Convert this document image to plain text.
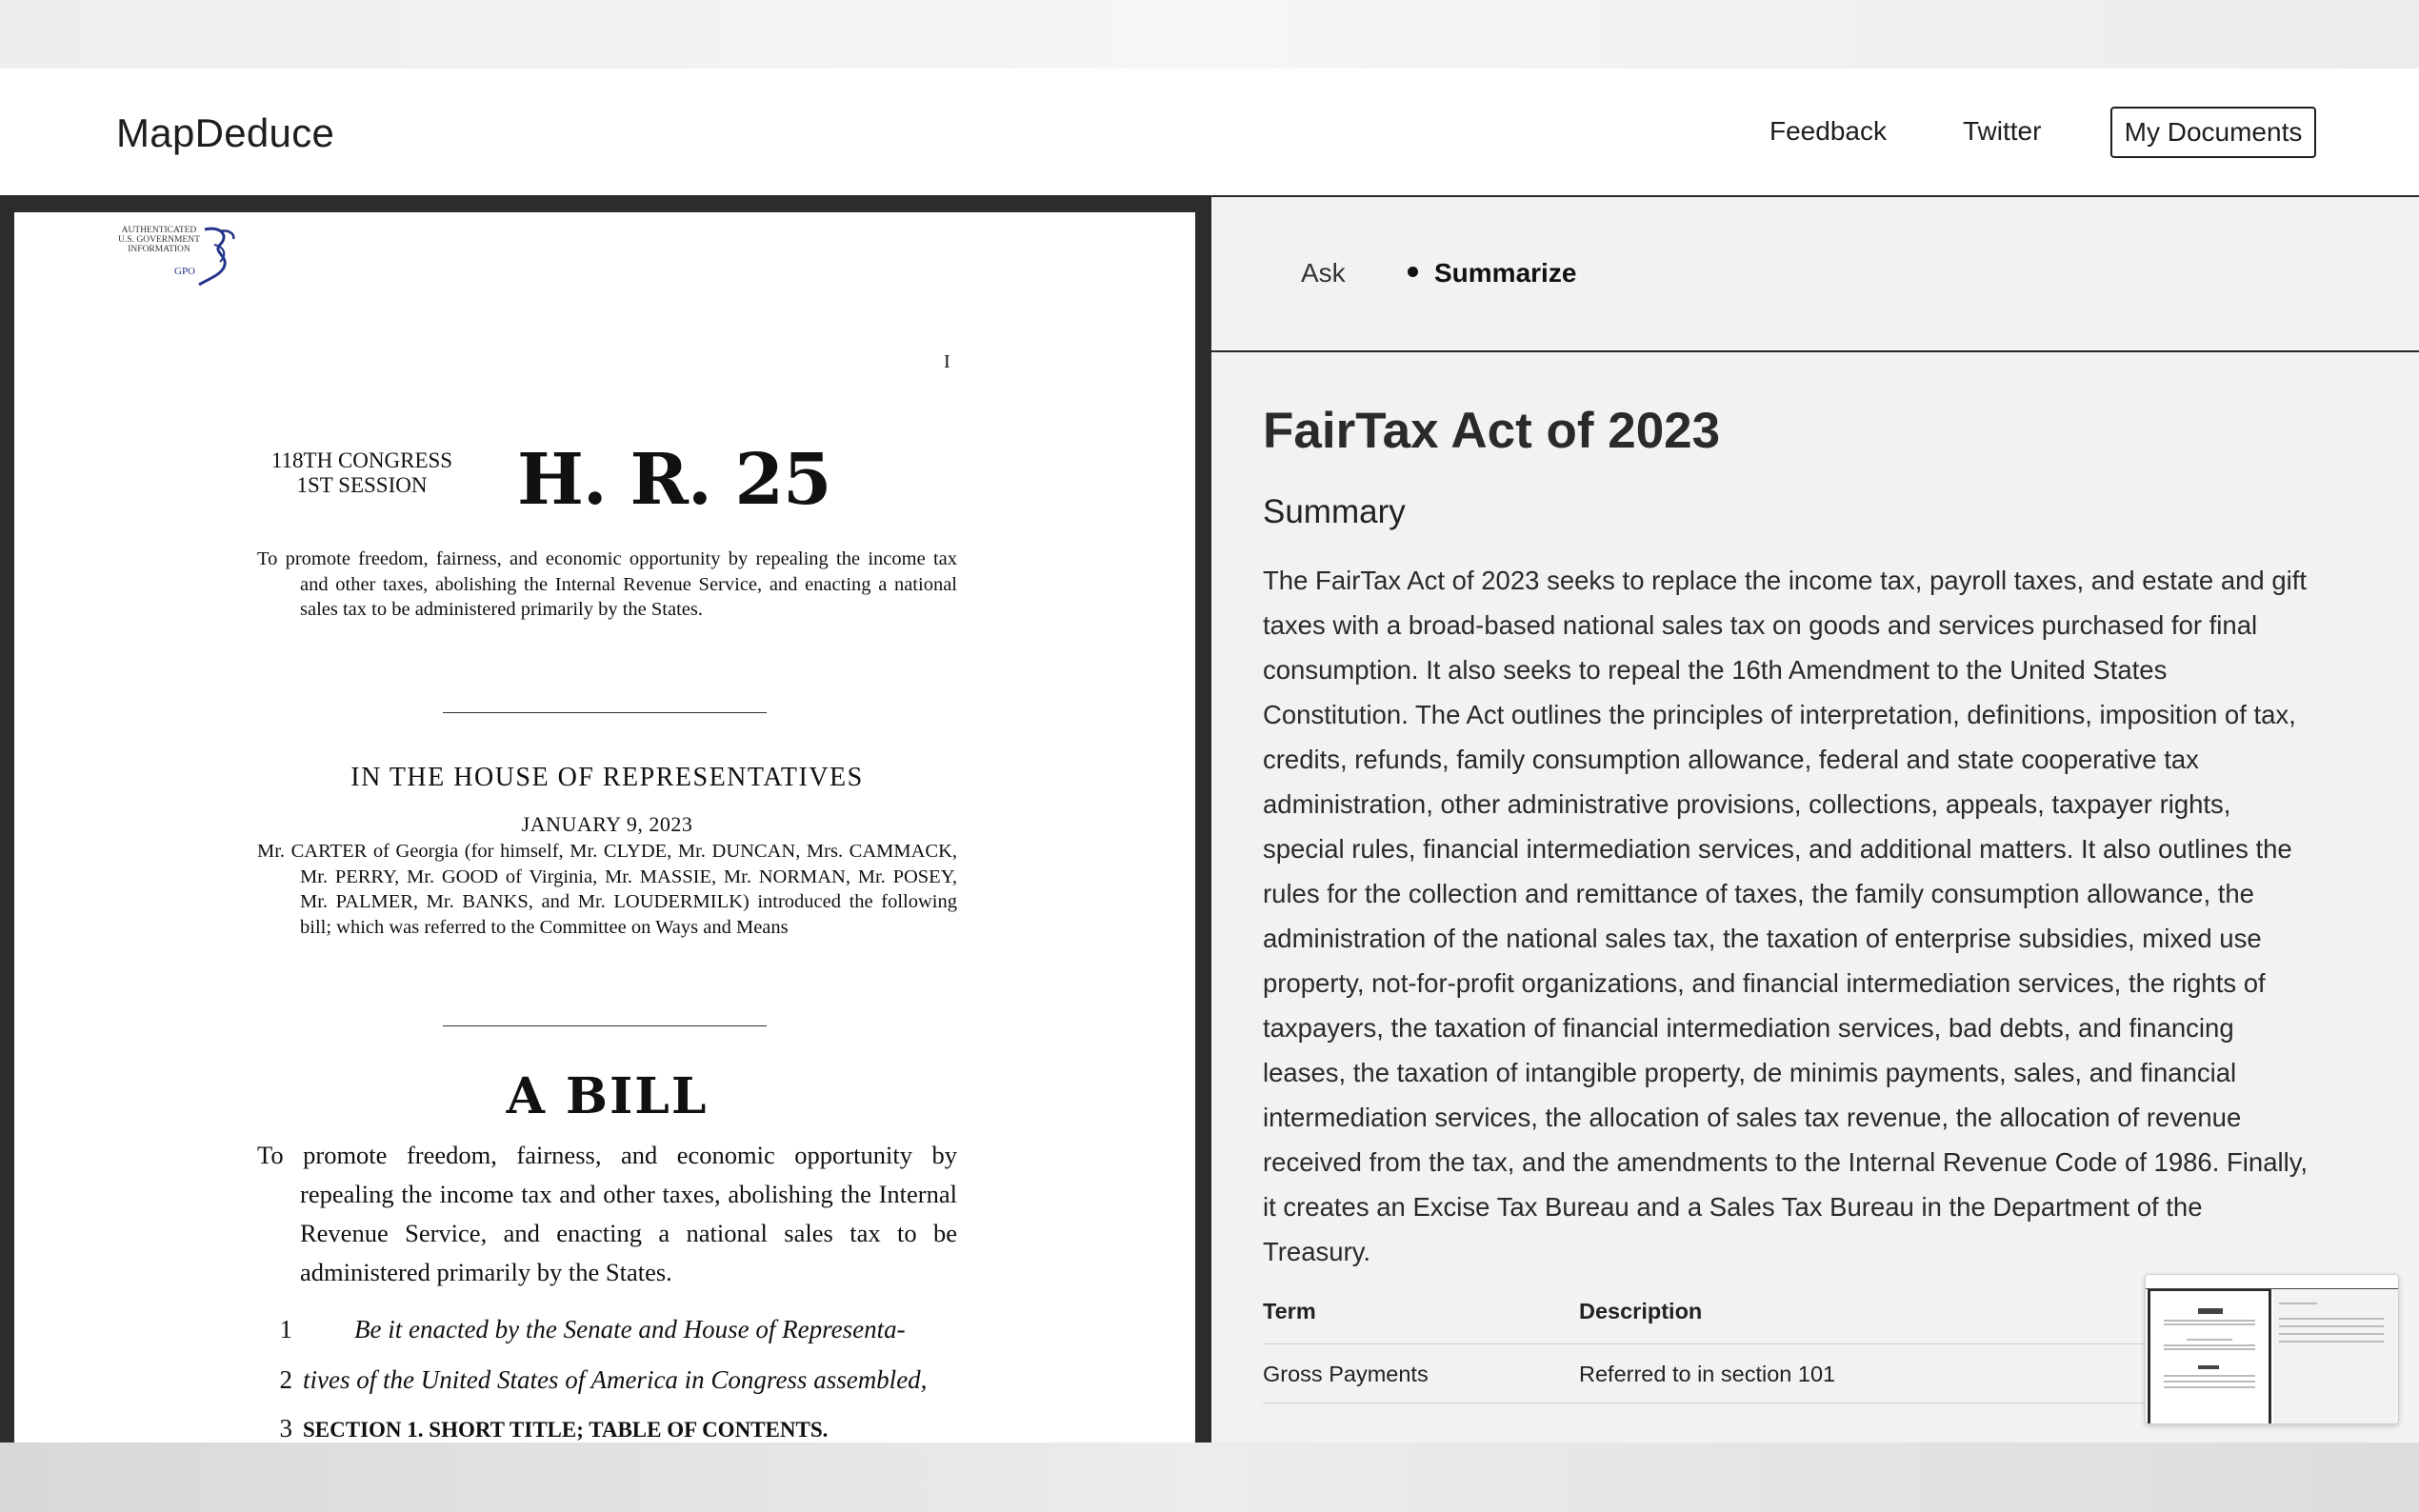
MapDeduce	Feedback	Twitter	My Documents
AUTHENTICATED
U.S. GOVERNMENT
INFORMATION
GPO
I
118TH CONGRESS
1ST SESSION	H. R. 25
To promote freedom, fairness, and economic opportunity by repealing the income tax and other taxes, abolishing the Internal Revenue Service, and enacting a national sales tax to be administered primarily by the States.
IN THE HOUSE OF REPRESENTATIVES
JANUARY 9, 2023
Mr. CARTER of Georgia (for himself, Mr. CLYDE, Mr. DUNCAN, Mrs. CAMMACK, Mr. PERRY, Mr. GOOD of Virginia, Mr. MASSIE, Mr. NORMAN, Mr. POSEY, Mr. PALMER, Mr. BANKS, and Mr. LOUDERMILK) introduced the following bill; which was referred to the Committee on Ways and Means
A BILL
To promote freedom, fairness, and economic opportunity by repealing the income tax and other taxes, abolishing the Internal Revenue Service, and enacting a national sales tax to be administered primarily by the States.
1	Be it enacted by the Senate and House of Representa-
2 tives of the United States of America in Congress assembled,
3 SECTION 1. SHORT TITLE; TABLE OF CONTENTS.
Ask	Summarize
FairTax Act of 2023
Summary

The FairTax Act of 2023 seeks to replace the income tax, payroll taxes, and estate and gift taxes with a broad-based national sales tax on goods and services purchased for final consumption. It also seeks to repeal the 16th Amendment to the United States Constitution. The Act outlines the principles of interpretation, definitions, imposition of tax, credits, refunds, family consumption allowance, federal and state cooperative tax administration, other administrative provisions, collections, appeals, taxpayer rights, special rules, financial intermediation services, and additional matters. It also outlines the rules for the collection and remittance of taxes, the family consumption allowance, the administration of the national sales tax, the taxation of enterprise subsidies, mixed use property, not-for-profit organizations, and financial intermediation services, the rights of taxpayers, the taxation of financial intermediation services, bad debts, and financing leases, the taxation of intangible property, de minimis payments, sales, and financial intermediation services, the allocation of sales tax revenue, the allocation of revenue received from the tax, and the amendments to the Internal Revenue Code of 1986. Finally, it creates an Excise Tax Bureau and a Sales Tax Bureau in the Department of the Treasury.

Term	Description
Gross Payments	Referred to in section 101
